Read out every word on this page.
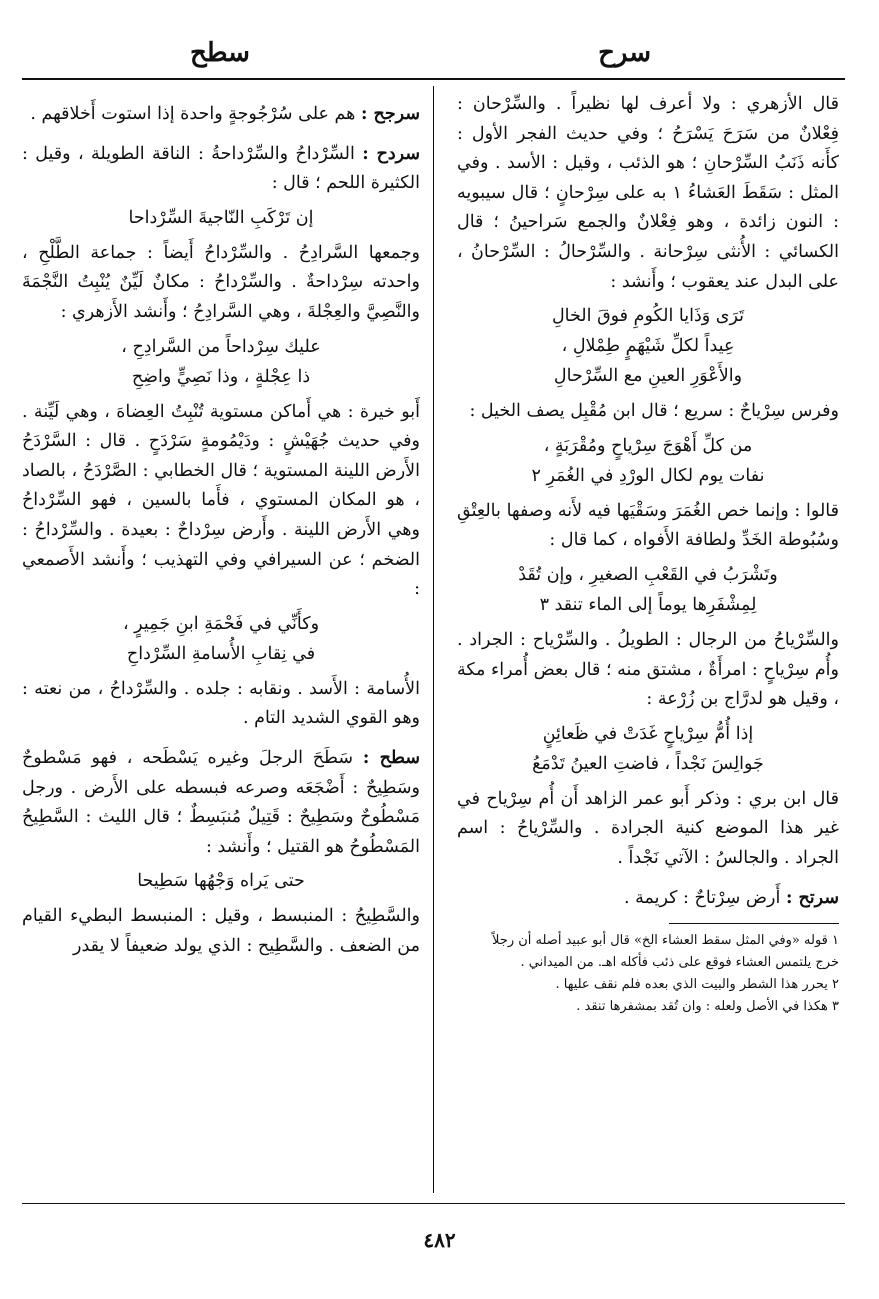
سرح
سطح

قال الأزهري : ولا أعرف لها نظيراً . والسِّرْحان : فِعْلانٌ من سَرَحَ يَسْرَحُ ؛ وفي حديث الفجر الأول : كأَنه ذَنَبُ السِّرْحانِ ؛ هو الذئب ، وقيل : الأسد . وفي المثل : سَقَطَ العَشاءُ ١ به على سِرْحانٍ ؛ قال سيبويه : النون زائدة ، وهو فِعْلانٌ والجمع سَراحينُ ؛ قال الكسائي : الأُنثى سِرْحانة . والسِّرْحالُ : السِّرْحانُ ، على البدل عند يعقوب ؛ وأَنشد :

تَرَى وَذَايا الكُومِ فوقَ الخالِ
عِيداً لكلِّ شَيْهَمٍ طِمْلالِ ،
والأَعْوَرِ العينِ مع السِّرْحالِ

وفرس سِرْياحٌ : سريع ؛ قال ابن مُقْبِل يصف الخيل :

من كلِّ أَهْوَجَ سِرْياحٍ ومُقْرَبَةٍ ،
نفات يوم لكال الورْدِ في الغُمَرِ ٢

قالوا : وإنما خص الغُمَرَ وسَقْيَها فيه لأَنه وصفها بالعِتْقِ وسُبُوطة الخَدِّ ولطافة الأَفواه ، كما قال :

وتَشْرَبُ في القَعْبِ الصغيرِ ، وإن تُقَدْ
لِمِشْفَرِها يوماً إلى الماء تنقد ٣

والسِّرْياحُ من الرجال : الطويلُ . والسِّرْياح : الجراد . وأُم سِرْياحٍ : امرأَةٌ ، مشتق منه ؛ قال بعض أُمراء مكة ، وقيل هو لدرَّاج بن زُرْعة :

إذا أُمُّ سِرْياحٍ غَدَتْ في ظَعائِنٍ
جَوالِسَ نَجْداً ، فاضتِ العينُ تَدْمَعُ

قال ابن بري : وذكر أَبو عمر الزاهد أَن أُم سِرْياح في غير هذا الموضع كنية الجرادة . والسِّرْياحُ : اسم الجراد . والجالسُ : الآتي نَجْداً .

سرتح : أَرض سِرْتاحٌ : كريمة .

١ قوله «وفي المثل سقط العشاء الخ» قال أبو عبيد أصله أن رجلاً
خرج يلتمس العشاء فوقع على ذئب فأكله اهـ. من الميداني .
٢ يحرر هذا الشطر والبيت الذي بعده فلم نقف عليها .
٣ هكذا في الأصل ولعله : وان تُقد بمشفرها تنقد .

سرجح : هم على سُرْجُوجةٍ واحدة إذا استوت أَخلاقهم .

سردح : السِّرْداحُ والسِّرْداحةُ : الناقة الطويلة ، وقيل : الكثيرة اللحم ؛ قال :

إن تَرْكَبِ النّاجيةَ السِّرْداحا

وجمعها السَّرادِحُ . والسِّرْداحُ أَيضاً : جماعة الطَّلْحِ ، واحدته سِرْداحةٌ . والسِّرْداحُ : مكانٌ لَيِّنٌ يُنْبِتُ النَّجْمَةَ والنَّصِيَّ والعِجْلةَ ، وهي السَّرادِحُ ؛ وأَنشد الأَزهري :

عليك سِرْداحاً من السَّرادِحِ ،
ذا عِجْلةٍ ، وذا نَصِيٍّ واضِحِ

أَبو خيرة : هي أَماكن مستوية تُنْبِتُ العِضاهَ ، وهي لَيِّنة . وفي حديث جُهَيْشٍ : ودَيْمُومةٍ سَرْدَحٍ . قال : السَّرْدَحُ الأَرض اللينة المستوية ؛ قال الخطابي : الصَّرْدَحُ ، بالصاد ، هو المكان المستوي ، فأَما بالسين ، فهو السِّرْداحُ وهي الأَرض اللينة . وأَرض سِرْداحٌ : بعيدة . والسِّرْداحُ : الضخم ؛ عن السيرافي وفي التهذيب ؛ وأَنشد الأَصمعي :

وكأَنِّي في فَحْمَةِ ابنِ جَمِيرٍ ،
في نِقابِ الأُسامةِ السِّرْداحِ

الأُسامة : الأَسد . ونقابه : جلده . والسِّرْداحُ ، من نعته : وهو القوي الشديد التام .

سطح : سَطَحَ الرجلَ وغيره يَسْطَحه ، فهو مَسْطوحٌ وسَطِيحٌ : أَضْجَعَه وصرعه فبسطه على الأَرض . ورجل مَسْطُوحٌ وسَطِيحٌ : قَتِيلٌ مُنبَسِطٌ ؛ قال الليث : السَّطِيحُ المَسْطُوحُ هو القتيل ؛ وأَنشد :

حتى يَراه وَجْهُها سَطِيحا

والسَّطِيحُ : المنبسط ، وقيل : المنبسط البطيء القيام من الضعف . والسَّطِيح : الذي يولد ضعيفاً لا يقدر

٤٨٢
